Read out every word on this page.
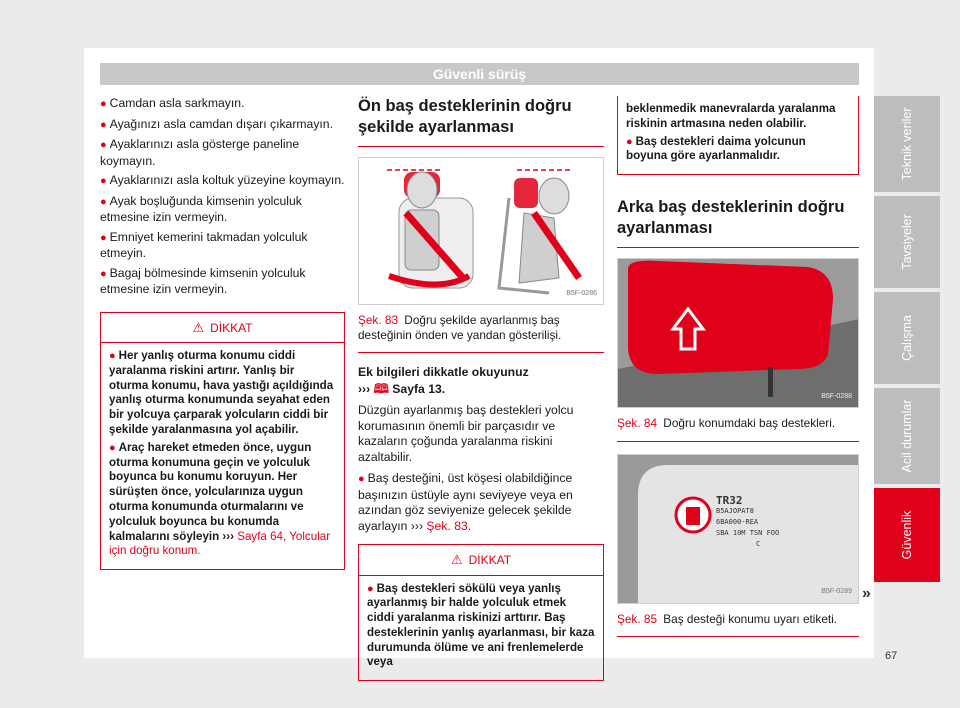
Güvenli sürüş

● Camdan asla sarkmayın.

● Ayağınızı asla camdan dışarı çıkarmayın.

● Ayaklarınızı asla gösterge paneline koymayın.

● Ayaklarınızı asla koltuk yüzeyine koymayın.

● Ayak boşluğunda kimsenin yolculuk etmesine izin vermeyin.

● Emniyet kemerini takmadan yolculuk etmeyin.

● Bagaj bölmesinde kimsenin yolculuk etmesine izin vermeyin.

⚠ DİKKAT

● Her yanlış oturma konumu ciddi yaralanma riskini artırır. Yanlış bir oturma konumu, hava yastığı açıldığında yanlış oturma konumunda seyahat eden bir yolcuya çarparak yolcuların ciddi bir şekilde yaralanmasına yol açabilir.

● Araç hareket etmeden önce, uygun oturma konumuna geçin ve yolculuk boyunca bu konumu koruyun. Her sürüşten önce, yolcularınıza uygun oturma konumunda oturmalarını ve yolculuk boyunca bu konumda kalmalarını söyleyin ››› Sayfa 64, Yolcular için doğru konum.

Ön baş desteklerinin doğru şekilde ayarlanması
B5F-0286
Şek. 83 Doğru şekilde ayarlanmış baş desteğinin önden ve yandan gösterilişi.
Ek bilgileri dikkatle okuyunuz

››› 🕮 Sayfa 13.

Düzgün ayarlanmış baş destekleri yolcu korumasının önemli bir parçasıdır ve kazaların çoğunda yaralanma riskini azaltabilir.

● Baş desteğini, üst köşesi olabildiğince başınızın üstüyle aynı seviyeye veya en azından göz seviyenize gelecek şekilde ayarlayın ››› Şek. 83.

⚠ DİKKAT

● Baş destekleri sökülü veya yanlış ayarlanmış bir halde yolculuk etmek ciddi yaralanma riskinizi arttırır. Baş desteklerinin yanlış ayarlanması, bir kaza durumunda ölüme ve ani frenlemelerde veya

beklenmedik manevralarda yaralanma riskinin artmasına neden olabilir.

● Baş destekleri daima yolcunun boyuna göre ayarlanmalıdır.

Arka baş desteklerinin doğru ayarlanması
B5F-0288
Şek. 84 Doğru konumdaki baş destekleri.
TR32
B5AJOPAT8
6BA000-REA
SBA 10M TSN FOO
C
B5F-0289
Şek. 85 Baş desteği konumu uyarı etiketi.
»
Teknik veriler
Tavsiyeler
Çalışma
Acil durumlar
Güvenlik
67
